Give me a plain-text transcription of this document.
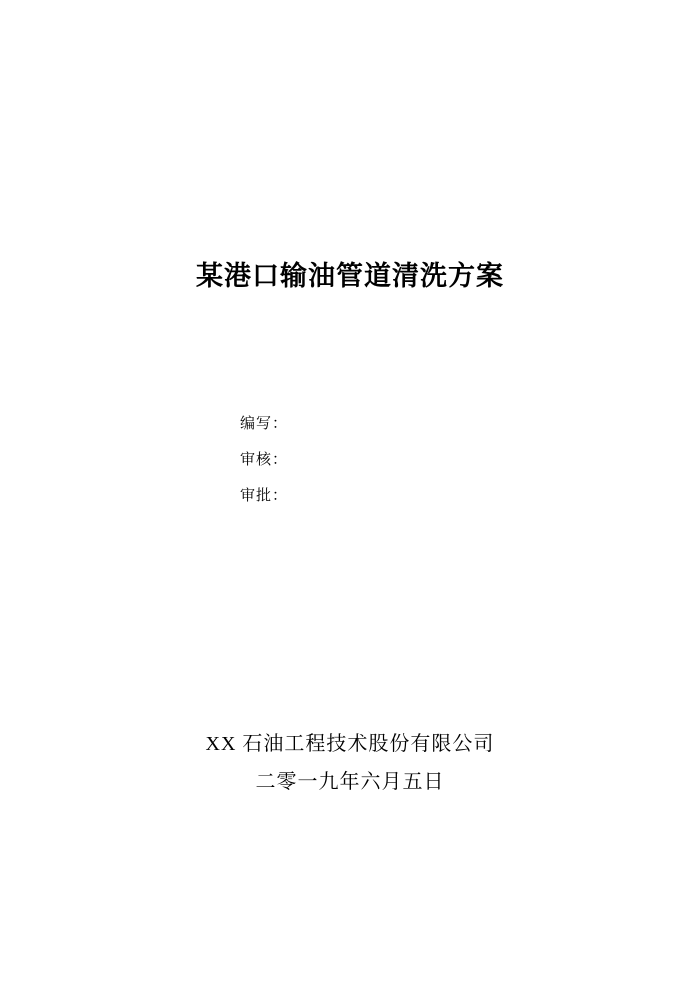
某港口输油管道清洗方案
编写：
审核：
审批：
XX 石油工程技术股份有限公司
二零一九年六月五日
